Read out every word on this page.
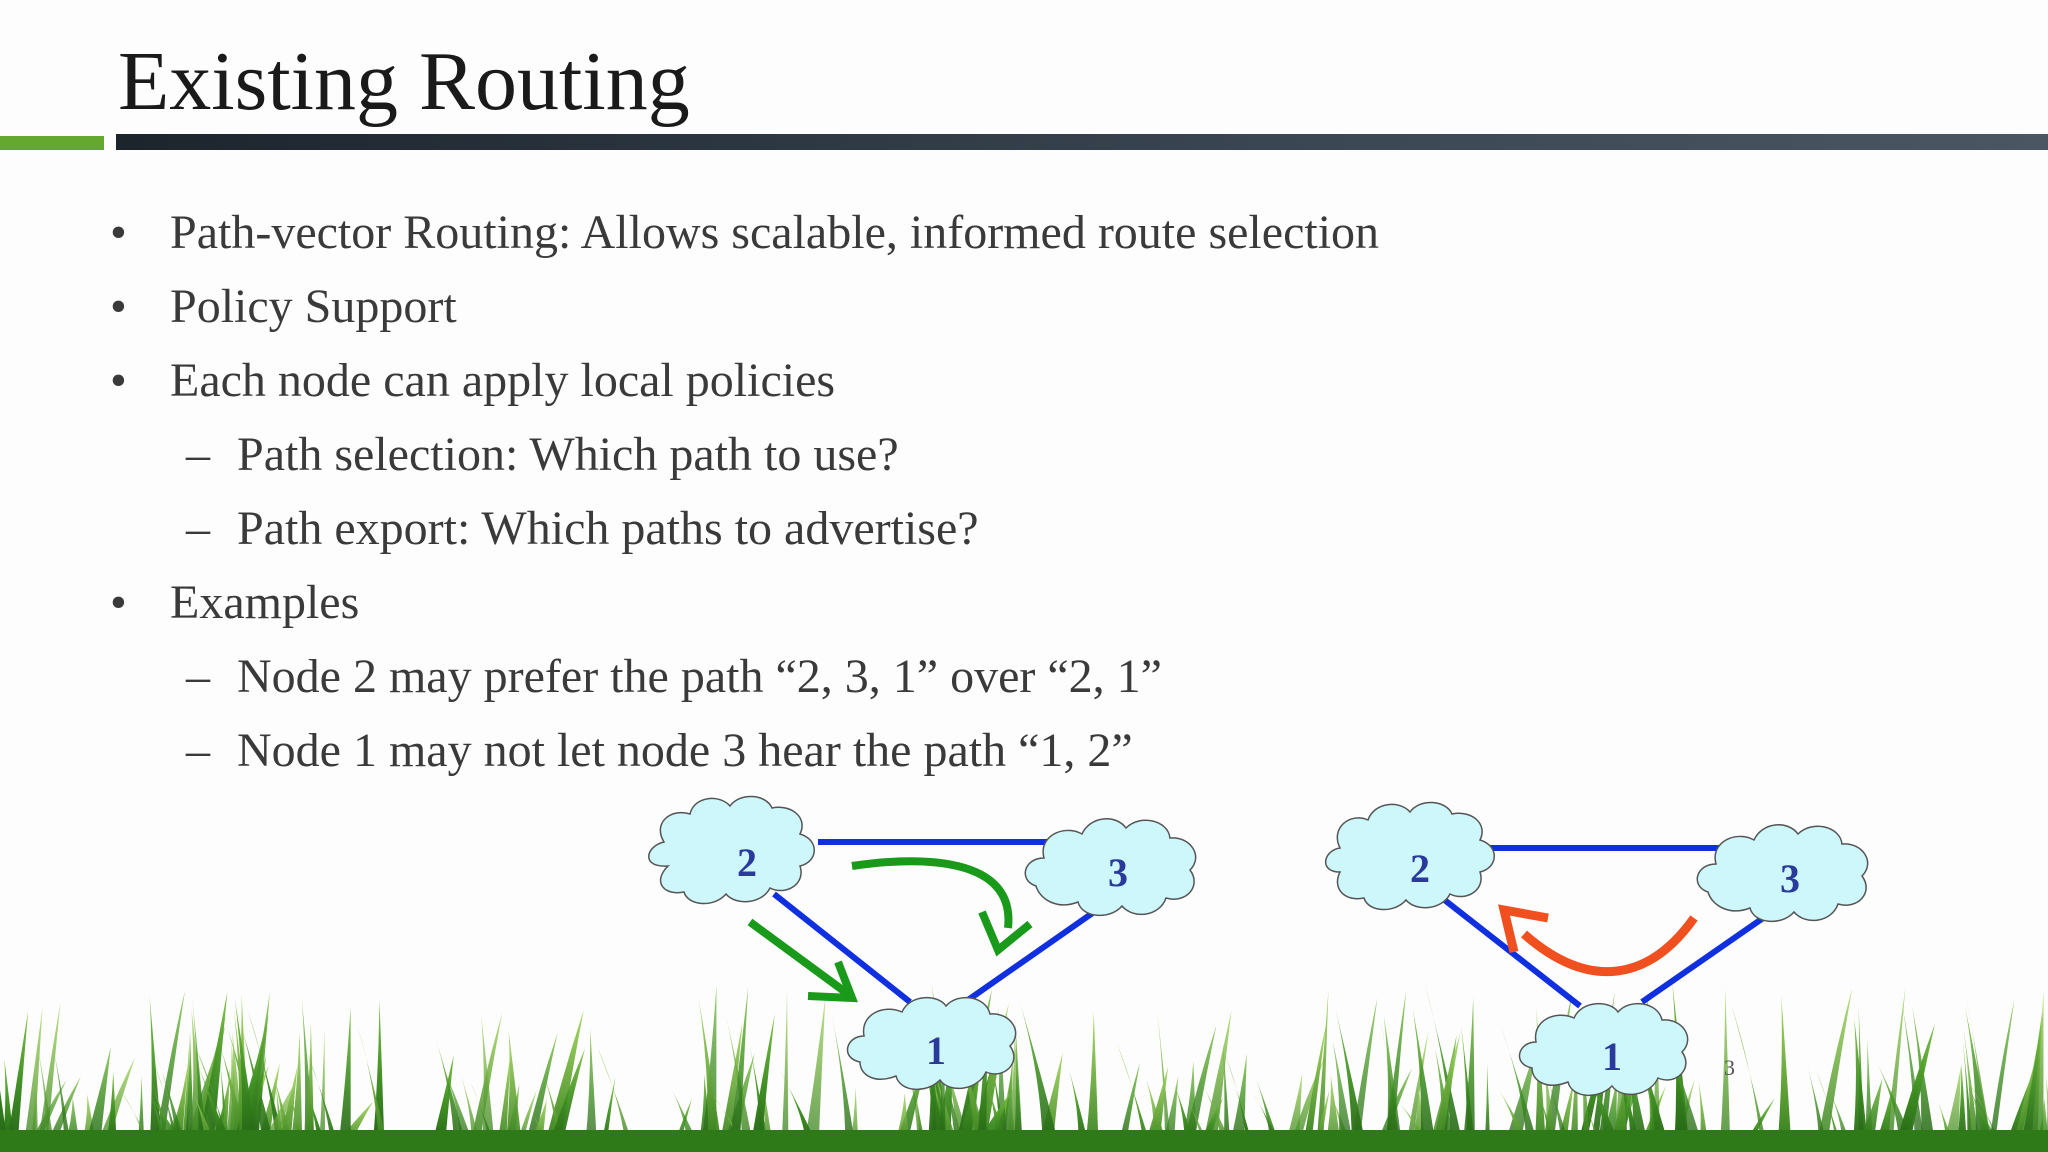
Existing Routing
• Path-vector Routing: Allows scalable, informed route selection
• Policy Support
• Each node can apply local policies
– Path selection: Which path to use?
– Path export: Which paths to advertise?
• Examples
– Node 2 may prefer the path “2, 3, 1” over “2, 1”
– Node 1 may not let node 3 hear the path “1, 2”
2	3
1
2	3
1	3
